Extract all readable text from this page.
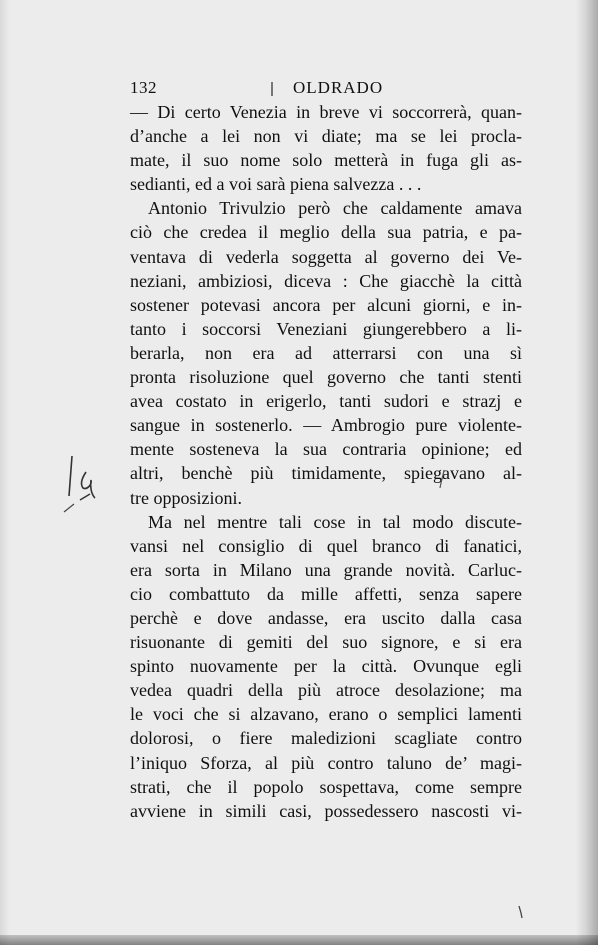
132	OLDRADO
— Di certo Venezia in breve vi soccorrerà, quan-
d’anche a lei non vi diate; ma se lei procla-
mate, il suo nome solo metterà in fuga gli as-
sedianti, ed a voi sarà piena salvezza . . .
Antonio Trivulzio però che caldamente amava
ciò che credea il meglio della sua patria, e pa-
ventava di vederla soggetta al governo dei Ve-
neziani, ambiziosi, diceva : Che giacchè la città
sostener potevasi ancora per alcuni giorni, e in-
tanto i soccorsi Veneziani giungerebbero a li-
berarla, non era ad atterrarsi con una sì
pronta risoluzione quel governo che tanti stenti
avea costato in erigerlo, tanti sudori e strazj e
sangue in sostenerlo. — Ambrogio pure violente-
mente sosteneva la sua contraria opinione; ed
altri, benchè più timidamente, spiegavano al-
tre opposizioni.
Ma nel mentre tali cose in tal modo discute-
vansi nel consiglio di quel branco di fanatici,
era sorta in Milano una grande novità. Carluc-
cio combattuto da mille affetti, senza sapere
perchè e dove andasse, era uscito dalla casa
risuonante di gemiti del suo signore, e si era
spinto nuovamente per la città. Ovunque egli
vedea quadri della più atroce desolazione; ma
le voci che si alzavano, erano o semplici lamenti
dolorosi, o fiere maledizioni scagliate contro
l’iniquo Sforza, al più contro taluno de’ magi-
strati, che il popolo sospettava, come sempre
avviene in simili casi, possedessero nascosti vi-
